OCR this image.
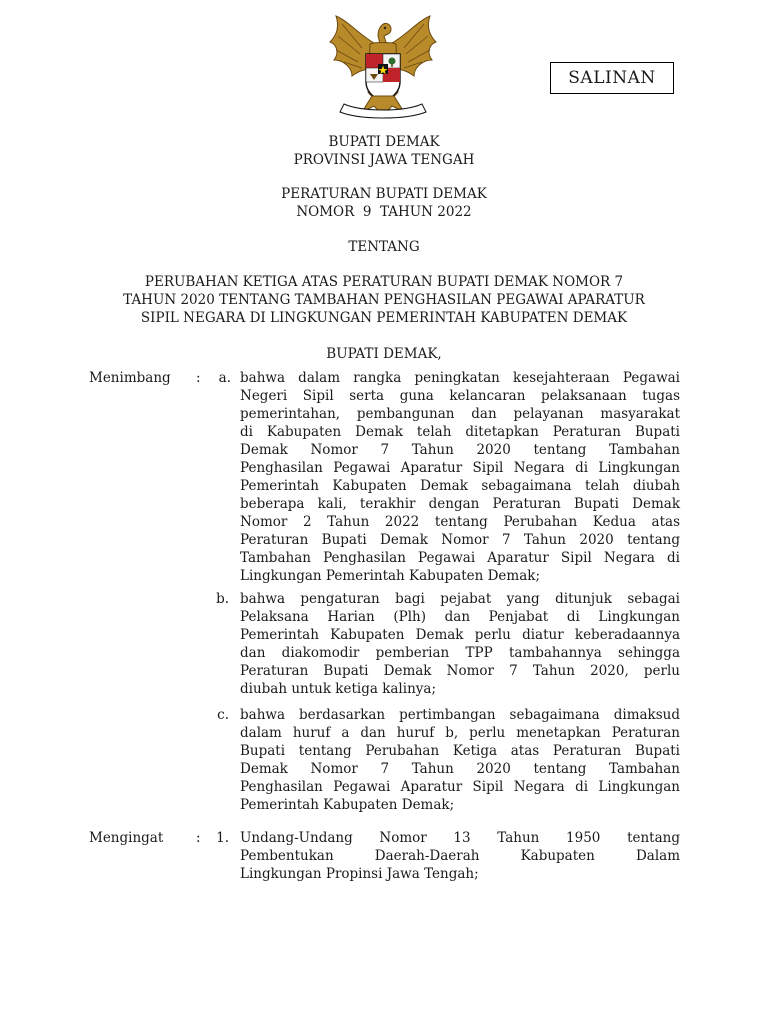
SALINAN
BUPATI DEMAK
PROVINSI JAWA TENGAH
PERATURAN BUPATI DEMAK
NOMOR  9  TAHUN 2022
TENTANG
PERUBAHAN KETIGA ATAS PERATURAN BUPATI DEMAK NOMOR 7
TAHUN 2020 TENTANG TAMBAHAN PENGHASILAN PEGAWAI APARATUR
SIPIL NEGARA DI LINGKUNGAN PEMERINTAH KABUPATEN DEMAK
BUPATI DEMAK,
Menimbang :	a. bahwa dalam rangka peningkatan kesejahteraan Pegawai
Negeri Sipil serta guna kelancaran pelaksanaan tugas
pemerintahan, pembangunan dan pelayanan masyarakat
di Kabupaten Demak telah ditetapkan Peraturan Bupati
Demak Nomor 7 Tahun 2020 tentang Tambahan
Penghasilan Pegawai Aparatur Sipil Negara di Lingkungan
Pemerintah Kabupaten Demak sebagaimana telah diubah
beberapa kali, terakhir dengan Peraturan Bupati Demak
Nomor 2 Tahun 2022 tentang Perubahan Kedua atas
Peraturan Bupati Demak Nomor 7 Tahun 2020 tentang
Tambahan Penghasilan Pegawai Aparatur Sipil Negara di
Lingkungan Pemerintah Kabupaten Demak;
b. bahwa pengaturan bagi pejabat yang ditunjuk sebagai
Pelaksana Harian (Plh) dan Penjabat di Lingkungan
Pemerintah Kabupaten Demak perlu diatur keberadaannya
dan diakomodir pemberian TPP tambahannya sehingga
Peraturan Bupati Demak Nomor 7 Tahun 2020, perlu
diubah untuk ketiga kalinya;
c. bahwa berdasarkan pertimbangan sebagaimana dimaksud
dalam huruf a dan huruf b, perlu menetapkan Peraturan
Bupati tentang Perubahan Ketiga atas Peraturan Bupati
Demak Nomor 7 Tahun 2020 tentang Tambahan
Penghasilan Pegawai Aparatur Sipil Negara di Lingkungan
Pemerintah Kabupaten Demak;
Mengingat :	1. Undang-Undang Nomor 13 Tahun 1950 tentang
Pembentukan Daerah-Daerah Kabupaten Dalam
Lingkungan Propinsi Jawa Tengah;
